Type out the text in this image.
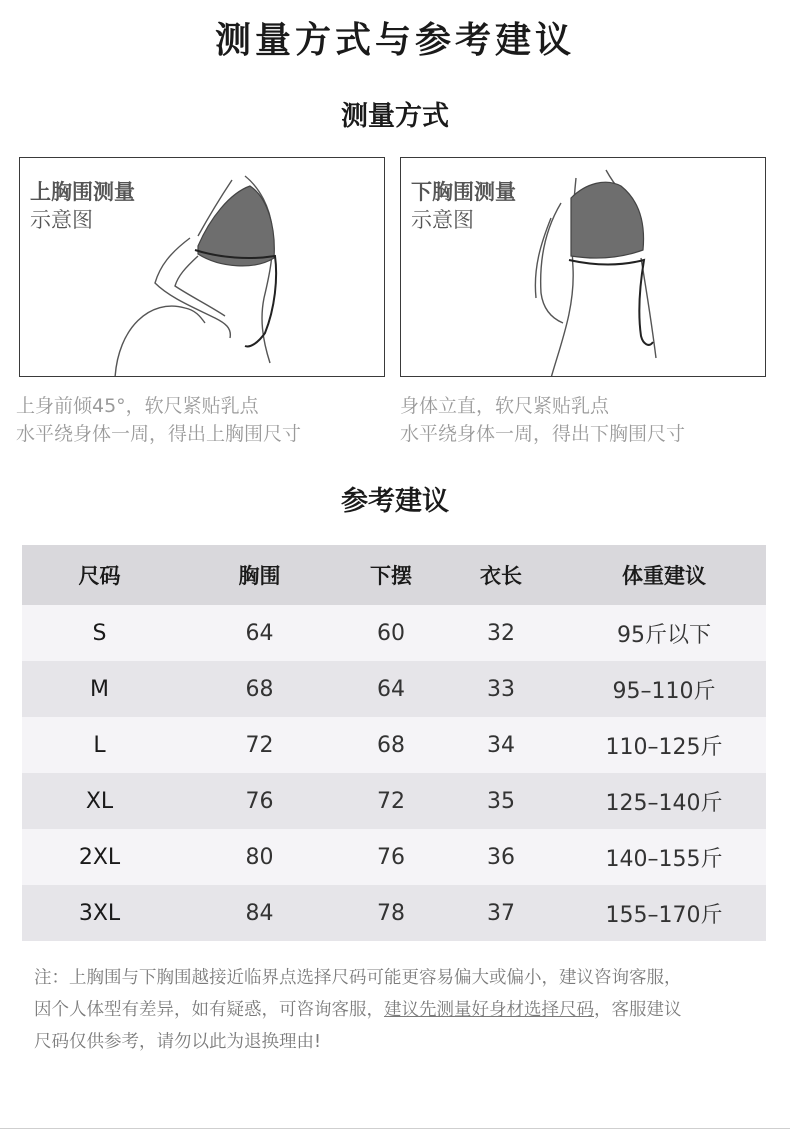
测量方式与参考建议
测量方式
上胸围测量
示意图
下胸围测量
示意图
上身前倾45°，软尺紧贴乳点
水平绕身体一周，得出上胸围尺寸
身体立直，软尺紧贴乳点
水平绕身体一周，得出下胸围尺寸
参考建议
尺码	胸围	下摆	衣长	体重建议
S	64	60	32	95斤以下
M	68	64	33	95–110斤
L	72	68	34	110–125斤
XL	76	72	35	125–140斤
2XL	80	76	36	140–155斤
3XL	84	78	37	155–170斤
注：上胸围与下胸围越接近临界点选择尺码可能更容易偏大或偏小，建议咨询客服，
因个人体型有差异，如有疑惑，可咨询客服，建议先测量好身材选择尺码，客服建议
尺码仅供参考，请勿以此为退换理由!
